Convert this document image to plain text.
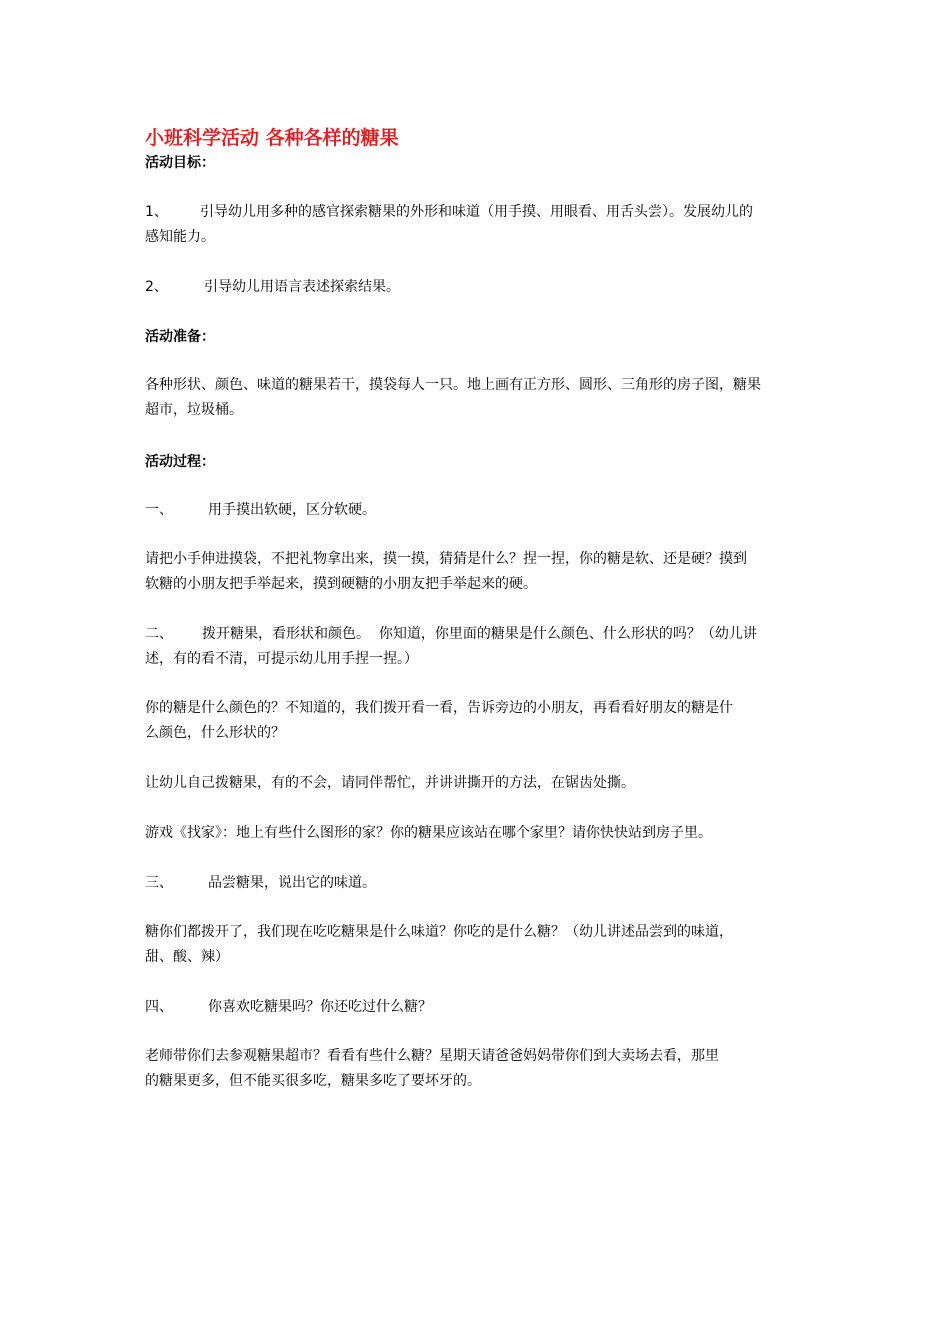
小班科学活动 各种各样的糖果
活动目标：
1、 引导幼儿用多种的感官探索糖果的外形和味道（用手摸、用眼看、用舌头尝）。发展幼儿的
感知能力。
2、	引导幼儿用语言表述探索结果。
活动准备：
各种形状、颜色、味道的糖果若干，摸袋每人一只。地上画有正方形、圆形、三角形的房子图，糖果
超市，垃圾桶。
活动过程：
一、	用手摸出软硬，区分软硬。
请把小手伸进摸袋，不把礼物拿出来，摸一摸，猜猜是什么？捏一捏，你的糖是软、还是硬？摸到
软糖的小朋友把手举起来，摸到硬糖的小朋友把手举起来的硬。
二、 拨开糖果，看形状和颜色。  你知道，你里面的糖果是什么颜色、什么形状的吗？（幼儿讲
述，有的看不清，可提示幼儿用手捏一捏。）
你的糖是什么颜色的？不知道的，我们拨开看一看，告诉旁边的小朋友，再看看好朋友的糖是什
么颜色，什么形状的？
让幼儿自己拨糖果，有的不会，请同伴帮忙，并讲讲撕开的方法，在锯齿处撕。
游戏《找家》：地上有些什么图形的家？你的糖果应该站在哪个家里？请你快快站到房子里。
三、	品尝糖果，说出它的味道。
糖你们都拨开了，我们现在吃吃糖果是什么味道？你吃的是什么糖？（幼儿讲述品尝到的味道，
甜、酸、辣）
四、	你喜欢吃糖果吗？你还吃过什么糖？
老师带你们去参观糖果超市？看看有些什么糖？星期天请爸爸妈妈带你们到大卖场去看，那里
的糖果更多，但不能买很多吃，糖果多吃了要坏牙的。
